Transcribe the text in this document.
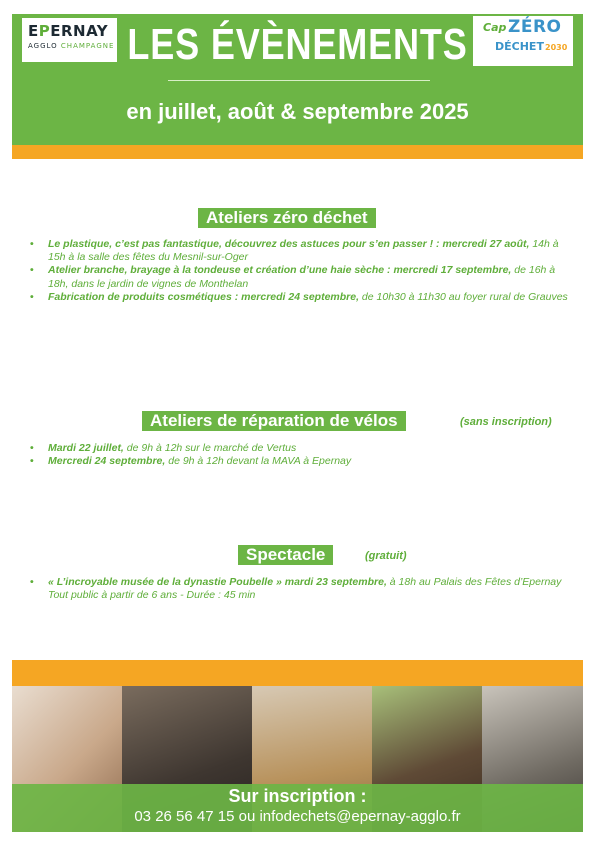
EPERNAY
AGGLO CHAMPAGNE
Cap ZÉRO
DÉCHET 2030
LES ÉVÈNEMENTS
en juillet, août & septembre 2025
Ateliers zéro déchet
• Le plastique, c’est pas fantastique, découvrez des astuces pour s’en passer ! : mercredi 27 août, 14h à 15h à la salle des fêtes du Mesnil-sur-Oger
• Atelier branche, brayage à la tondeuse et création d’une haie sèche : mercredi 17 septembre, de 16h à 18h, dans le jardin de vignes de Monthelan
• Fabrication de produits cosmétiques : mercredi 24 septembre, de 10h30 à 11h30 au foyer rural de Grauves
Ateliers de réparation de vélos	(sans inscription)
• Mardi 22 juillet, de 9h à 12h sur le marché de Vertus
• Mercredi 24 septembre, de 9h à 12h devant la MAVA à Epernay
Spectacle	(gratuit)
• « L’incroyable musée de la dynastie Poubelle » mardi 23 septembre, à 18h au Palais des Fêtes d’Epernay Tout public à partir de 6 ans - Durée : 45 min
Sur inscription :
03 26 56 47 15 ou infodechets@epernay-agglo.fr
